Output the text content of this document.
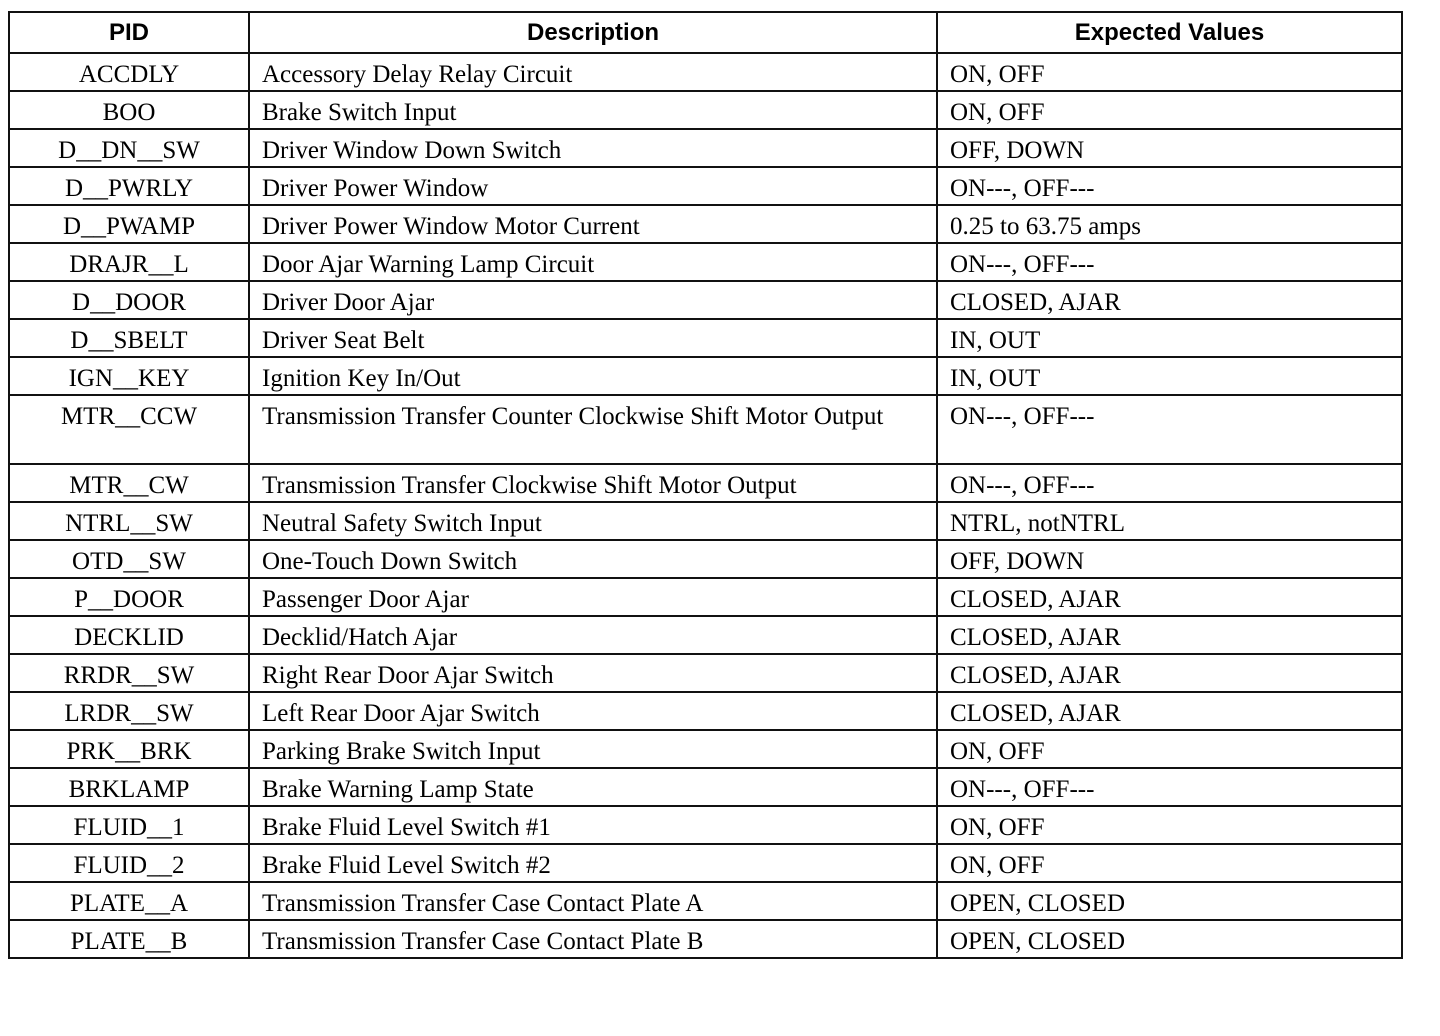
PID	Description	Expected Values
ACCDLY	Accessory Delay Relay Circuit	ON, OFF
BOO	Brake Switch Input	ON, OFF
D__DN__SW	Driver Window Down Switch	OFF, DOWN
D__PWRLY	Driver Power Window	ON---, OFF---
D__PWAMP	Driver Power Window Motor Current	0.25 to 63.75 amps
DRAJR__L	Door Ajar Warning Lamp Circuit	ON---, OFF---
D__DOOR	Driver Door Ajar	CLOSED, AJAR
D__SBELT	Driver Seat Belt	IN, OUT
IGN__KEY	Ignition Key In/Out	IN, OUT
MTR__CCW	Transmission Transfer Counter Clockwise Shift Motor Output	ON---, OFF---
MTR__CW	Transmission Transfer Clockwise Shift Motor Output	ON---, OFF---
NTRL__SW	Neutral Safety Switch Input	NTRL, notNTRL
OTD__SW	One-Touch Down Switch	OFF, DOWN
P__DOOR	Passenger Door Ajar	CLOSED, AJAR
DECKLID	Decklid/Hatch Ajar	CLOSED, AJAR
RRDR__SW	Right Rear Door Ajar Switch	CLOSED, AJAR
LRDR__SW	Left Rear Door Ajar Switch	CLOSED, AJAR
PRK__BRK	Parking Brake Switch Input	ON, OFF
BRKLAMP	Brake Warning Lamp State	ON---, OFF---
FLUID__1	Brake Fluid Level Switch #1	ON, OFF
FLUID__2	Brake Fluid Level Switch #2	ON, OFF
PLATE__A	Transmission Transfer Case Contact Plate A	OPEN, CLOSED
PLATE__B	Transmission Transfer Case Contact Plate B	OPEN, CLOSED
